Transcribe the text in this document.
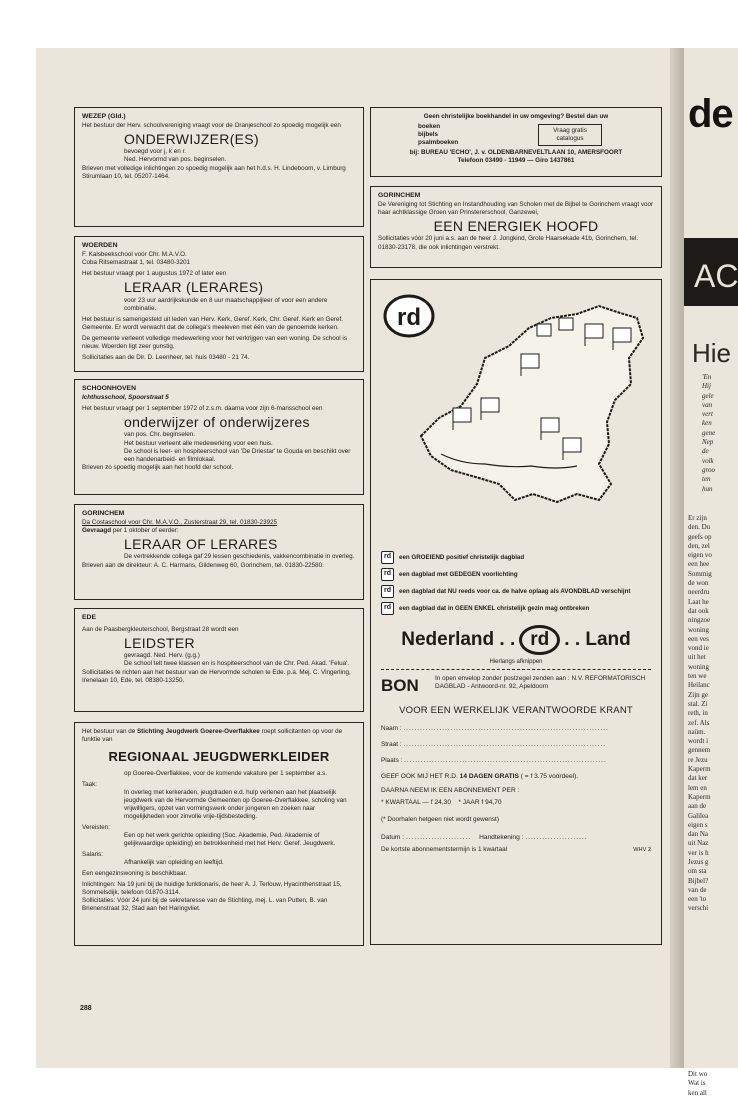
de
AC
Hie
'En
Hij
gele
van
vert
ken
gene
Nep
de
volk
groo
ten
hun
Er zijn
den. Du
geefs op
den, zel
eigen vo
een hee
Sommig
de won
neerdru
Laat he
dat ook
ningzoe
woning
een ves
vond ie
uit het
woning
ten we
Heilanc
Zijn ge
stal. Zi
reth, in
zef. Als
naüm.
wordt i
gennem
re Jezu
Kaperm
dat ker
lem en
Kaperm
aan de
Galilea
eigen s
dan Na
uit Naz
ver is h
Jezus g
om sta
Bijbel?
van de
een 'to
verschi
Dit wo
Wat is
ken all
WEZEP (Gld.)
Het bestuur der Herv. schoolvereniging vraagt voor de Oranjeschool zo spoedig mogelijk een
ONDERWIJZER(ES)
bevoegd voor j, k en r.
Ned. Hervormd van pos. beginselen.
Brieven met volledige inlichtingen zo spoedig mogelijk aan het h.d.s. H. Lindeboom, v. Limburg Stirumlaan 10, tel. 05207-1464.
WOERDEN
F. Kalsbeekschool voor Chr. M.A.V.O.
Coba Ritsemastraat 1, tel. 03480-3201
Het bestuur vraagt per 1 augustus 1972 of later een
LERAAR (LERARES)
voor 23 uur aardrijkskunde en 8 uur maatschappijleer of voor een andere combinatie.
Het bestuur is samengesteld uit leden van Herv. Kerk, Geref. Kerk, Chr. Geref. Kerk en Geref. Gemeente. Er wordt verwacht dat de collega's meeleven met één van de genoemde kerken.
De gemeente verleent volledige medewerking voor het verkrijgen van een woning. De school is nieuw. Woerden ligt zeer gunstig.
Sollicitaties aan de Dir. D. Leenheer, tel. huis 03480 - 21 74.
SCHOONHOVEN
Ichthusschool, Spoorstraat 5
Het bestuur vraagt per 1 september 1972 of z.s.m. daarna voor zijn 6-mansschool een
onderwijzer of onderwijzeres
van pos. Chr. beginselen.
Het bestuur verleent alle medewerking voor een huis.
De school is leer- en hospiteerschool van 'De Driestar' te Gouda en beschikt over een handenarbeid- en filmlokaal.
Brieven zo spoedig mogelijk aan het hoofd der school.
GORINCHEM
Da Costaschool voor Chr. M.A.V.O., Zusterstraat 29, tel. 01830-23925
Gevraagd per 1 oktober of eerder:
LERAAR OF LERARES
De vertrekkende collega gaf 29 lessen geschiedenis, vakkencombinatie in overleg.
Brieven aan de direkteur: A. C. Harmans, Gildenweg 60, Gorinchem, tel. 01830-22580.
EDE
Aan de Paasbergkleuterschool, Bergstraat 28 wordt een
LEIDSTER
gevraagd. Ned. Herv. (g.g.)
De school telt twee klassen en is hospiteerschool van de Chr. Ped. Akad. 'Felua'.
Sollicitaties te richten aan het bestuur van de Hervormde scholen te Ede. p.a. Mej. C. Vingerling, Irenelaan 10, Ede, tel. 08380-13250.
Het bestuur van de Stichting Jeugdwerk Goeree-Overflakkee roept sollicitanten op voor de funktie van
REGIONAAL JEUGDWERKLEIDER
op Goeree-Overflakkee, voor de komende vakature per 1 september a.s.
Taak:
In overleg met kerkeraden, jeugdraden e.d. hulp verlenen aan het plaatselijk jeugdwerk van de Hervormde Gemeenten op Goeree-Overflakkee, scholing van vrijwilligers, opzet van vormingswerk onder jongeren en zoeken naar mogelijkheden voor zinvolle vrije-tijdsbesteding.
Vereisten:
Een op het werk gerichte opleiding (Soc. Akademie, Ped. Akademie of gelijkwaardige opleiding) en betrokkenheid met het Herv. Geref. Jeugdwerk.
Salaris:
Afhankelijk van opleiding en leeftijd.
Een eengezinswoning is beschikbaar.
Inlichtingen: Na 19 juni bij de huidige funktionaris, de heer A. J. Terlouw, Hyacinthenstraat 15, Sommelsdijk, telefoon 01870-3114.
Sollicitaties: Vóór 24 juni bij de sekretaresse van de Stichting, mej. L. van Putten, B. van Brienenstraat 32, Stad aan het Haringvliet.
288
Geen christelijke boekhandel in uw omgeving? Bestel dan uw
boeken
bijbels
psalmboeken
Vraag gratis catalogus
bij: BUREAU 'ECHO', J. v. OLDENBARNEVELTLAAN 10, AMERSFOORT
Telefoon 03490 - 11949 — Giro 1437861
GORINCHEM
De Vereniging tot Stichting en Instandhouding van Scholen met de Bijbel te Gorinchem vraagt voor haar achtklassige Groen van Prinstererschool, Ganzewei,
EEN ENERGIEK HOOFD
Sollicitaties vóór 20 juni a.s. aan de heer J. Jongkind, Grote Haarsekade 41b, Gorinchem, tel. 01830-23178, die ook inlichtingen verstrekt.
rd
rd	een GROEIEND positief christelijk dagblad
rd	een dagblad met GEDEGEN voorlichting
rd	een dagblad dat NU reeds voor ca. de halve oplaag als AVONDBLAD verschijnt
rd	een dagblad dat in GEEN ENKEL christelijk gezin mag ontbreken
Nederland . . rd . . Land
Hierlangs afknippen
BON	In open envelop zonder postzegel zenden aan : N.V. REFORMATORISCH DAGBLAD - Antwoord-nr. 92, Apeldoorn
VOOR EEN WERKELIJK VERANTWOORDE KRANT
Naam : ..........................................................................
Straat : .........................................................................
Plaats : .........................................................................
GEEF OOK MIJ HET R.D. 14 DAGEN GRATIS ( = f 3.75 voordeel).
DAARNA NEEM IK EEN ABONNEMENT PER :
* KWARTAAL — f 24,30 * JAAR f 94,70
(* Doorhalen hetgeen niet wordt gewenst)
Datum : ....................... Handtekening : ......................
De kortste abonnementstermijn is 1 kwartaal	WHV 2
